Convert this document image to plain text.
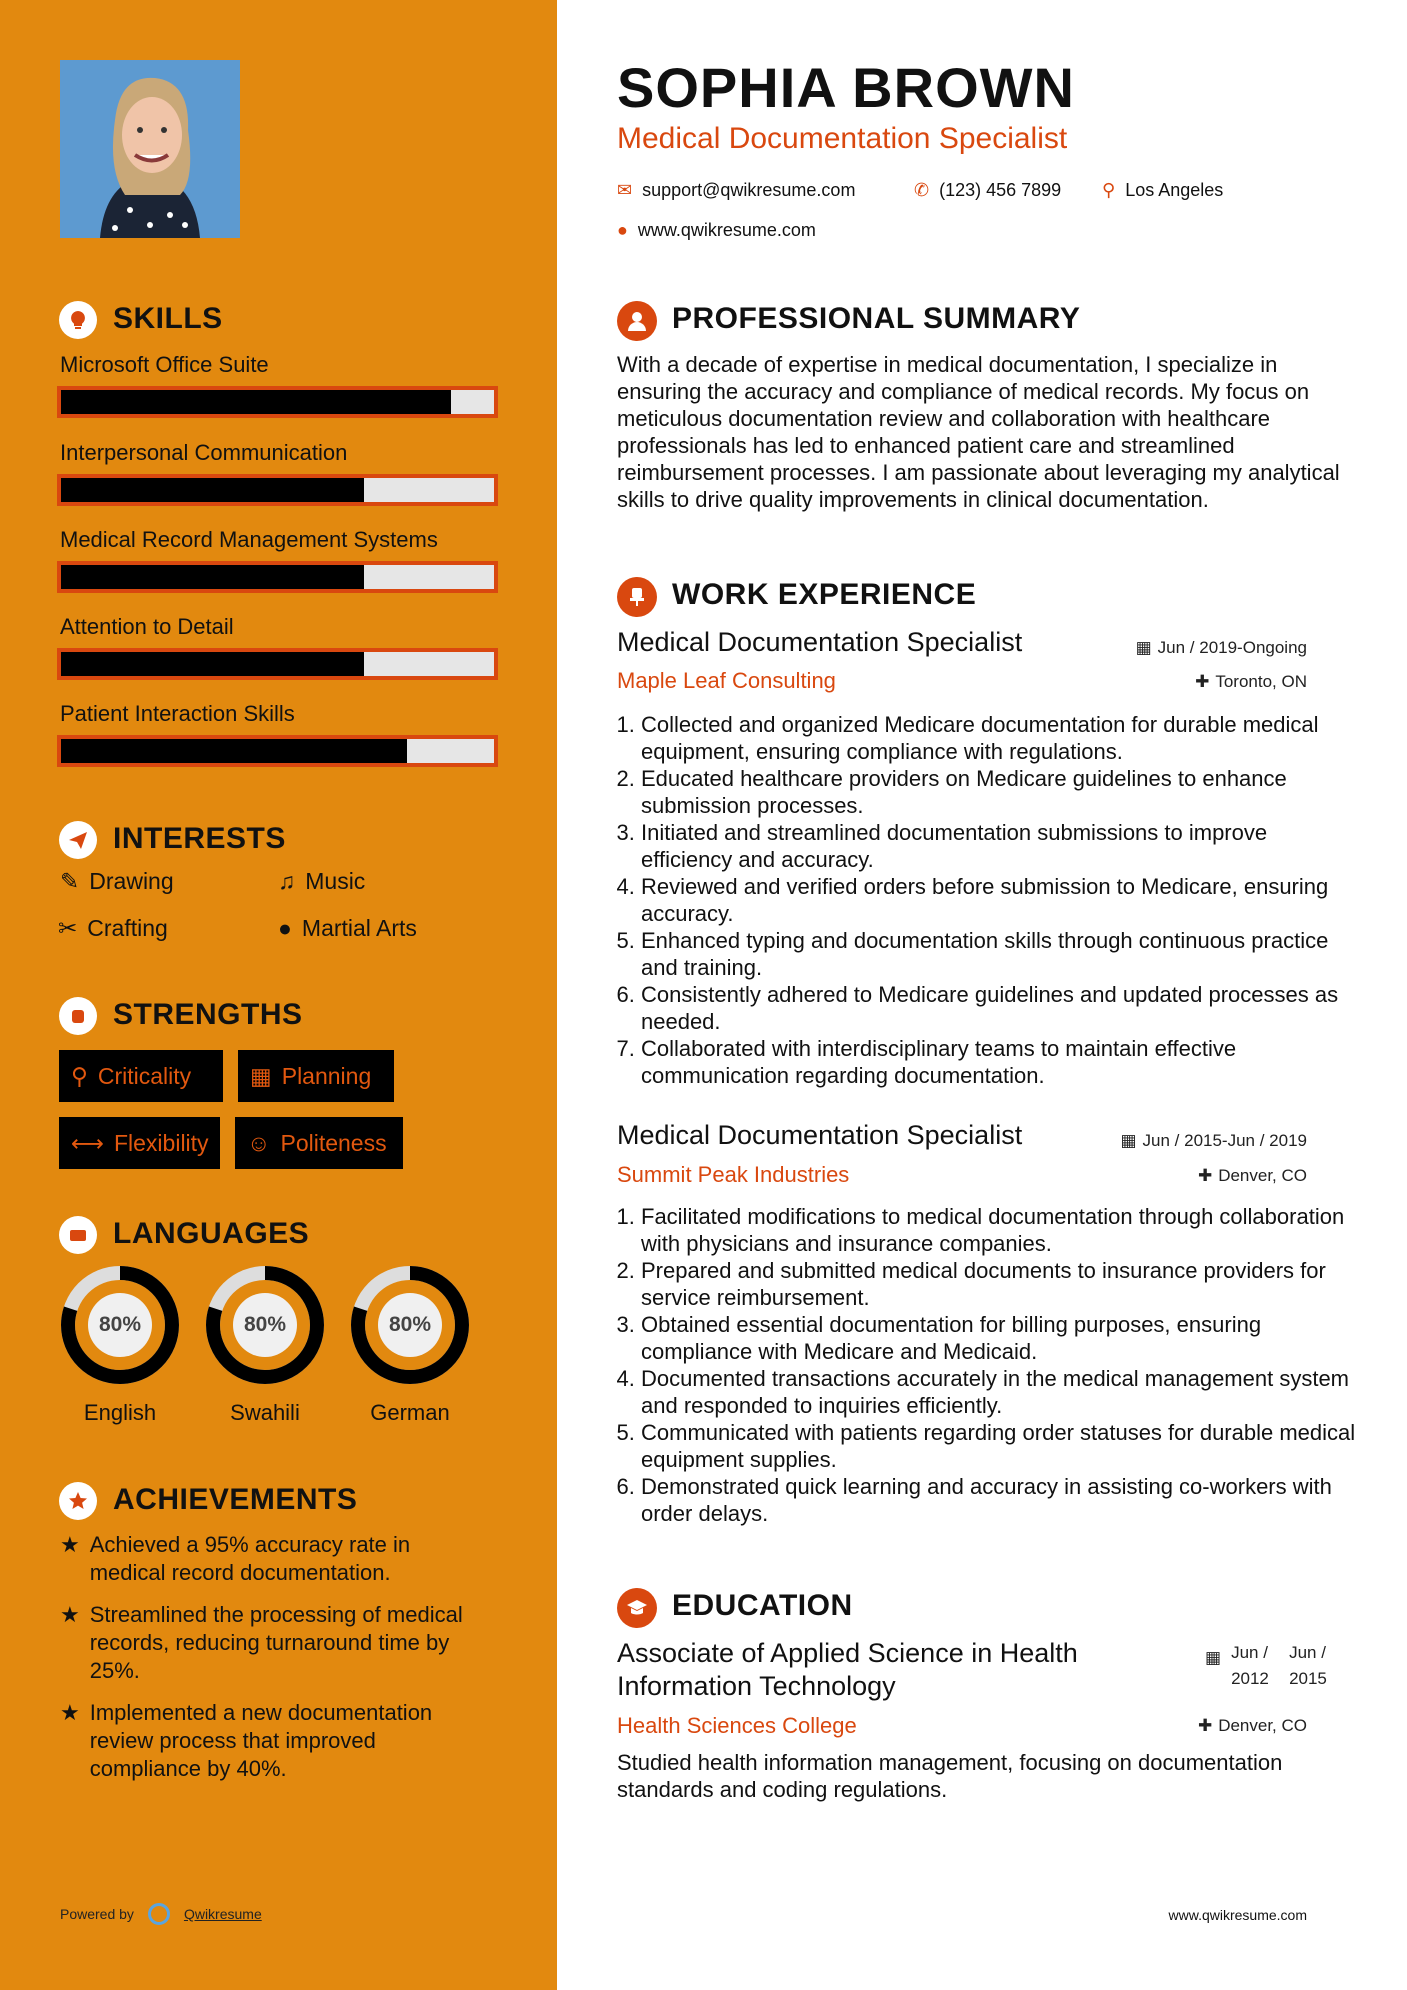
SKILLS
Microsoft Office Suite
Interpersonal Communication
Medical Record Management Systems
Attention to Detail
Patient Interaction Skills
INTERESTS
✎ Drawing	♫ Music
✂ Crafting	● Martial Arts
STRENGTHS
⚲ Criticality	▦ Planning
⟷ Flexibility ☺ Politeness
LANGUAGES
80%
English
80%
Swahili
80%
German
ACHIEVEMENTS
★ Achieved a 95% accuracy rate in medical record documentation.
★ Streamlined the processing of medical records, reducing turnaround time by 25%.
★ Implemented a new documentation review process that improved compliance by 40%.
Powered by	Qwikresume
SOPHIA BROWN
Medical Documentation Specialist
✉ support@qwikresume.com	✆ (123) 456 7899 ⚲ Los Angeles
● www.qwikresume.com
PROFESSIONAL SUMMARY
With a decade of expertise in medical documentation, I specialize in ensuring the accuracy and compliance of medical records. My focus on meticulous documentation review and collaboration with healthcare professionals has led to enhanced patient care and streamlined reimbursement processes. I am passionate about leveraging my analytical skills to drive quality improvements in clinical documentation.
WORK EXPERIENCE
Medical Documentation Specialist	▦ Jun / 2019-Ongoing
Maple Leaf Consulting	✚ Toronto, ON
1. Collected and organized Medicare documentation for durable medical equipment, ensuring compliance with regulations.
2. Educated healthcare providers on Medicare guidelines to enhance submission processes.
3. Initiated and streamlined documentation submissions to improve efficiency and accuracy.
4. Reviewed and verified orders before submission to Medicare, ensuring accuracy.
5. Enhanced typing and documentation skills through continuous practice and training.
6. Consistently adhered to Medicare guidelines and updated processes as needed.
7. Collaborated with interdisciplinary teams to maintain effective communication regarding documentation.
Medical Documentation Specialist	▦ Jun / 2015-Jun / 2019
Summit Peak Industries	✚ Denver, CO
1. Facilitated modifications to medical documentation through collaboration with physicians and insurance companies.
2. Prepared and submitted medical documents to insurance providers for service reimbursement.
3. Obtained essential documentation for billing purposes, ensuring compliance with Medicare and Medicaid.
4. Documented transactions accurately in the medical management system and responded to inquiries efficiently.
5. Communicated with patients regarding order statuses for durable medical equipment supplies.
6. Demonstrated quick learning and accuracy in assisting co-workers with order delays.
EDUCATION
Associate of Applied Science in Health Information Technology
▦ Jun / 2012
Jun / 2015
Health Sciences College	✚ Denver, CO
Studied health information management, focusing on documentation standards and coding regulations.
www.qwikresume.com
